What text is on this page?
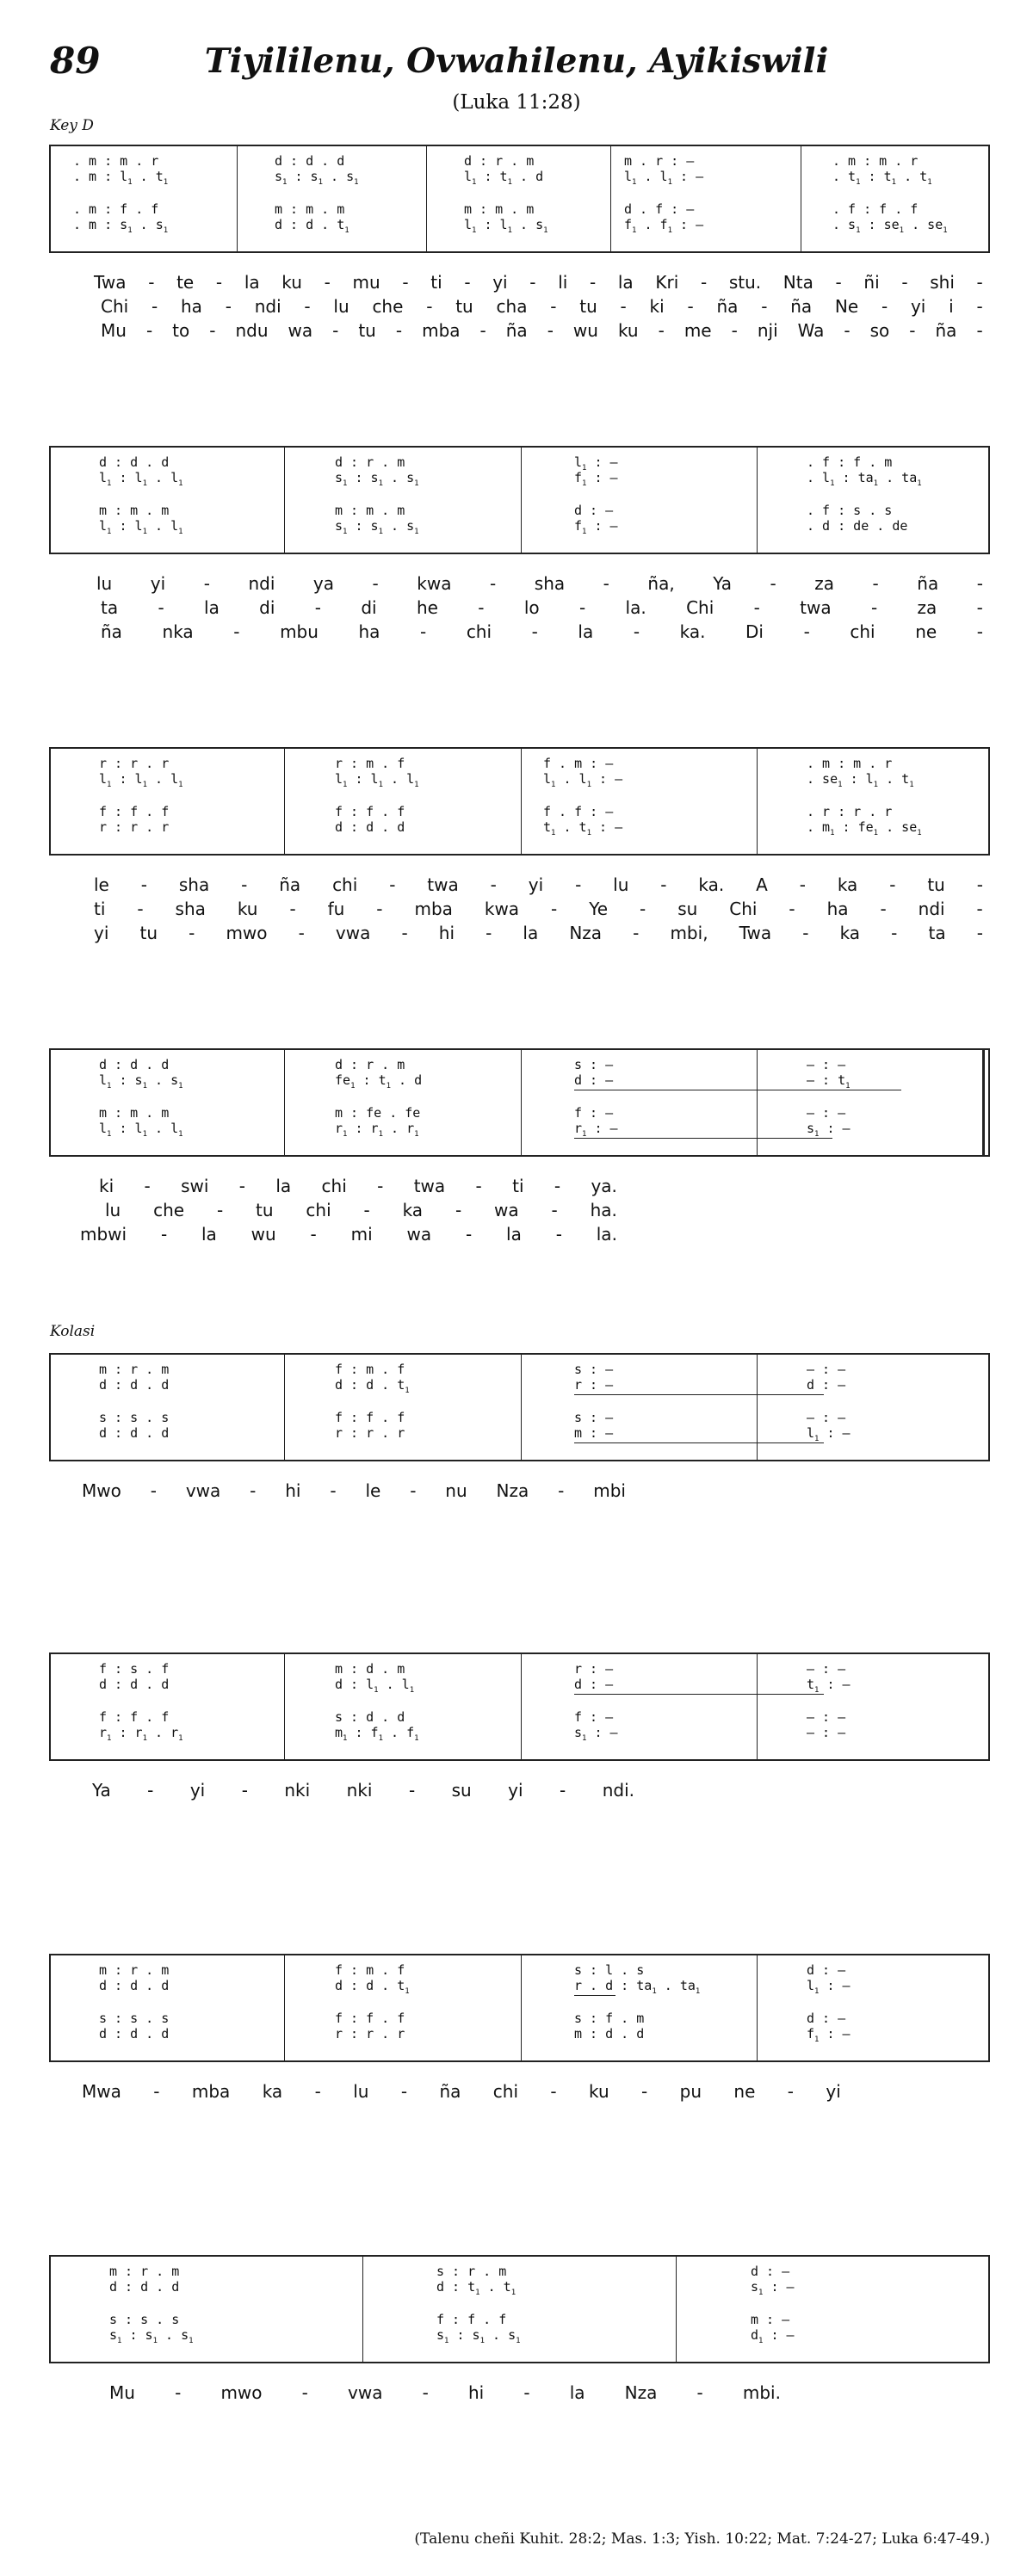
89	Tiyililenu, Ovwahilenu, Ayikiswili
(Luka 11:28)
Key D
Kolasi
. m : m . r
. m : $l_1$ . $t_1$
. m : f . f
. m : $s_1$ . $s_1$
d : d . d
$s_1$ : $s_1$ . $s_1$
m : m . m
d : d . $t_1$
d : r . m
$l_1$ : $t_1$ . d
m : m . m
$l_1$ : $l_1$ . $s_1$
m . r : —
$l_1$ . $l_1$ : —
d . f : —
$f_1$ . $f_1$ : —
. m : m . r
. $t_1$ : $t_1$ . $t_1$
. f : f . f
. $s_1$ : $se_1$ . $se_1$
Twa - te - la ku - mu - ti - yi - li - la Kri - stu. Nta - ñi - shi -
Chi - ha - ndi - lu che - tu cha - tu - ki - ña - ña Ne - yi i -
Mu - to - ndu wa - tu - mba - ña - wu ku - me - nji Wa - so - ña -
d : d . d
$l_1$ : $l_1$ . $l_1$
m : m . m
$l_1$ : $l_1$ . $l_1$
d : r . m
$s_1$ : $s_1$ . $s_1$
m : m . m
$s_1$ : $s_1$ . $s_1$
$l_1$ : —
$f_1$ : —
d : —
$f_1$ : —
. f : f . m
. $l_1$ : $ta_1$ . $ta_1$
. f : s . s
. d : de . de
lu yi - ndi ya - kwa - sha - ña, Ya - za - ña -
ta - la di - di he - lo - la. Chi - twa - za -
ña nka - mbu ha - chi - la - ka. Di - chi ne -
r : r . r
$l_1$ : $l_1$ . $l_1$
f : f . f
r : r . r
r : m . f
$l_1$ : $l_1$ . $l_1$
f : f . f
d : d . d
f . m : —
$l_1$ . $l_1$ : —
f . f : —
$t_1$ . $t_1$ : —
. m : m . r
. $se_1$ : $l_1$ . $t_1$
. r : r . r
. $m_1$ : $fe_1$ . $se_1$
le - sha - ña chi - twa - yi - lu - ka. A - ka - tu -
ti - sha ku - fu - mba kwa - Ye - su Chi - ha - ndi -
yi tu - mwo - vwa - hi - la Nza - mbi, Twa - ka - ta -
d : d . d
$l_1$ : $s_1$ . $s_1$
m : m . m
$l_1$ : $l_1$ . $l_1$
d : r . m
$fe_1$ : $t_1$ . d
m : fe . fe
$r_1$ : $r_1$ . $r_1$
s : —
d : —
f : —
$r_1$ : —
— : —
— : $t_1$
— : —
$s_1$ : —
ki - swi - la chi - twa - ti - ya.
lu che - tu chi - ka - wa - ha.
mbwi - la wu - mi wa - la - la.
m : r . m
d : d . d
s : s . s
d : d . d
f : m . f
d : d . $t_1$
f : f . f
r : r . r
s : —
r : —
s : —
m : —
— : —
d : —
— : —
$l_1$ : —
Mwo - vwa - hi - le - nu Nza - mbi
f : s . f
d : d . d
f : f . f
$r_1$ : $r_1$ . $r_1$
m : d . m
d : $l_1$ . $l_1$
s : d . d
$m_1$ : $f_1$ . $f_1$
r : —
d : —
f : —
$s_1$ : —
— : —
$t_1$ : —
— : —
— : —
Ya - yi - nki nki - su yi - ndi.
m : r . m
d : d . d
s : s . s
d : d . d
f : m . f
d : d . $t_1$
f : f . f
r : r . r
s : l . s
r . d : $ta_1$ . $ta_1$
s : f . m
m : d . d
d : —
$l_1$ : —
d : —
$f_1$ : —
Mwa - mba ka - lu - ña chi - ku - pu ne - yi
m : r . m
d : d . d
s : s . s
$s_1$ : $s_1$ . $s_1$
s : r . m
d : $t_1$ . $t_1$
f : f . f
$s_1$ : $s_1$ . $s_1$
d : —
$s_1$ : —
m : —
$d_1$ : —
Mu - mwo - vwa - hi - la Nza - mbi.
(Talenu cheñi Kuhit. 28:2; Mas. 1:3; Yish. 10:22; Mat. 7:24-27; Luka 6:47-49.)
